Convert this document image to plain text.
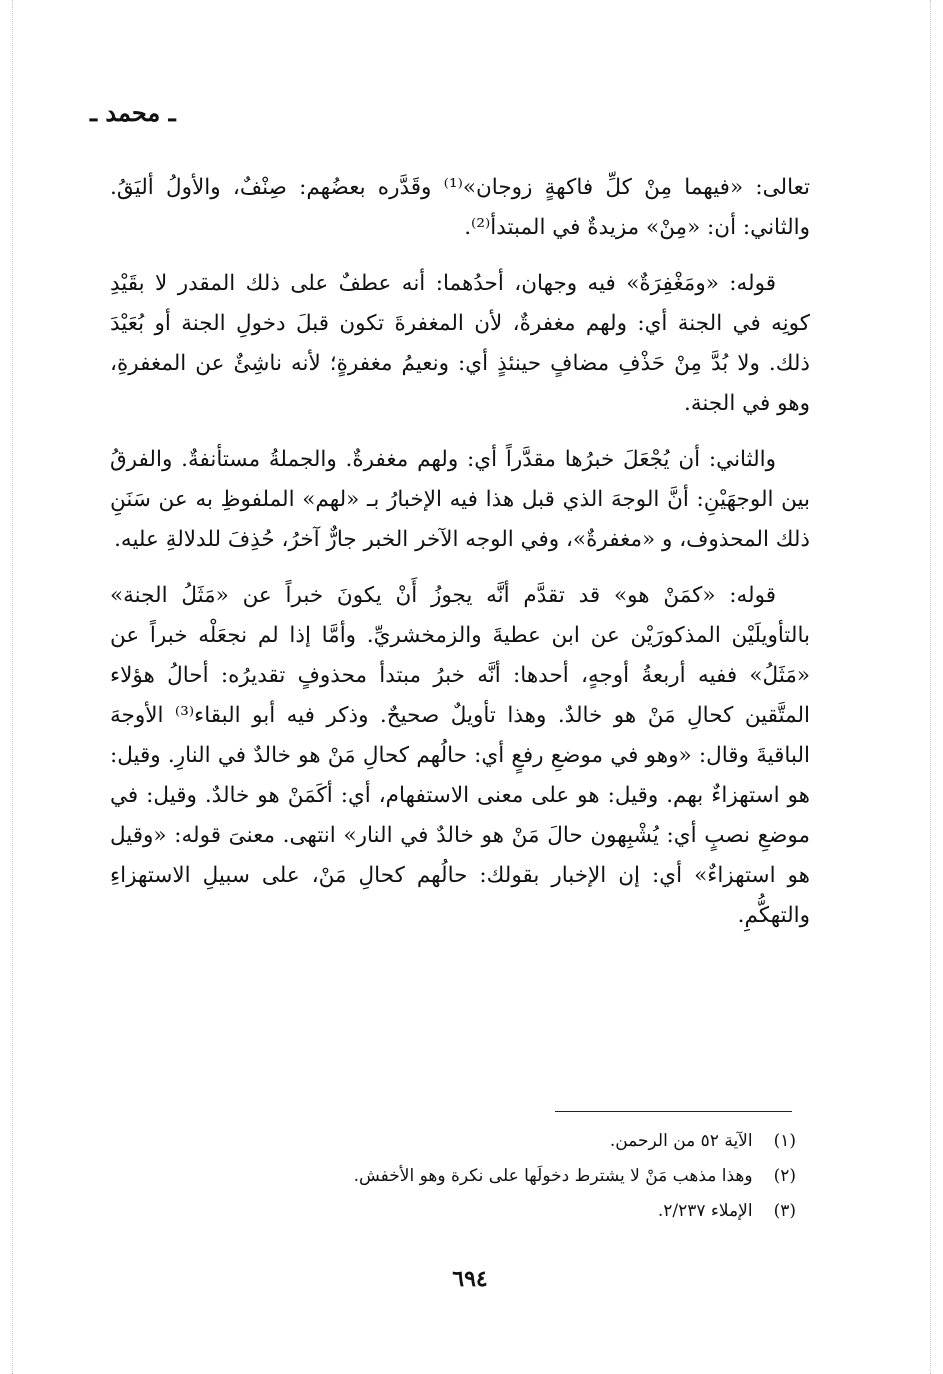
ـ محمد ـ

تعالى: «فيهما مِنْ كلِّ فاكهةٍ زوجان»⁽¹⁾ وقَدَّره بعضُهم: صِنْفٌ، والأولُ أليَقُ. والثاني: أن: «مِنْ» مزيدةٌ في المبتدأ⁽²⁾.

قوله: «ومَغْفِرَةٌ» فيه وجهان، أحدُهما: أنه عطفٌ على ذلك المقدر لا بقَيْدِ كونِه في الجنة أي: ولهم مغفرةٌ، لأن المغفرةَ تكون قبلَ دخولِ الجنة أو بُعَيْدَ ذلك. ولا بُدَّ مِنْ حَذْفِ مضافٍ حينئذٍ أي: ونعيمُ مغفرةٍ؛ لأنه ناشِئٌ عن المغفرةِ، وهو في الجنة.

والثاني: أن يُجْعَلَ خبرُها مقدَّراً أي: ولهم مغفرةٌ. والجملةُ مستأنفةٌ. والفرقُ بين الوجهَيْنِ: أنَّ الوجهَ الذي قبل هذا فيه الإخبارُ بـ «لهم» الملفوظِ به عن سَنَنِ ذلك المحذوف، و «مغفرةٌ»، وفي الوجه الآخر الخبر جارٌّ آخرُ، حُذِفَ للدلالةِ عليه.

قوله: «كمَنْ هو» قد تقدَّم أنَّه يجوزُ أَنْ يكونَ خبراً عن «مَثَلُ الجنة» بالتأويلَيْن المذكورَيْن عن ابن عطيةَ والزمخشريِّ. وأمَّا إذا لم نجعَلْه خبراً عن «مَثَلُ» ففيه أربعةُ أوجهٍ، أحدها: أنَّه خبرُ مبتدأ محذوفٍ تقديرُه: أحالُ هؤلاء المتَّقين كحالِ مَنْ هو خالدٌ. وهذا تأويلٌ صحيحٌ. وذكر فيه أبو البقاء⁽³⁾ الأوجهَ الباقيةَ وقال: «وهو في موضعِ رفعٍ أي: حالُهم كحالِ مَنْ هو خالدٌ في النارِ. وقيل: هو استهزاءٌ بهم. وقيل: هو على معنى الاستفهام، أي: أكَمَنْ هو خالدٌ. وقيل: في موضعِ نصبٍ أي: يُشْبِهون حالَ مَنْ هو خالدٌ في النار» انتهى. معنىَ قوله: «وقيل هو استهزاءٌ» أي: إن الإخبار بقولك: حالُهم كحالِ مَنْ، على سبيلِ الاستهزاءِ والتهكُّمِ.

(١) الآية ٥٢ من الرحمن.
(٢) وهذا مذهب مَنْ لا يشترط دخولَها على نكرة وهو الأخفش.
(٣) الإملاء ٢/٢٣٧.
٦٩٤
